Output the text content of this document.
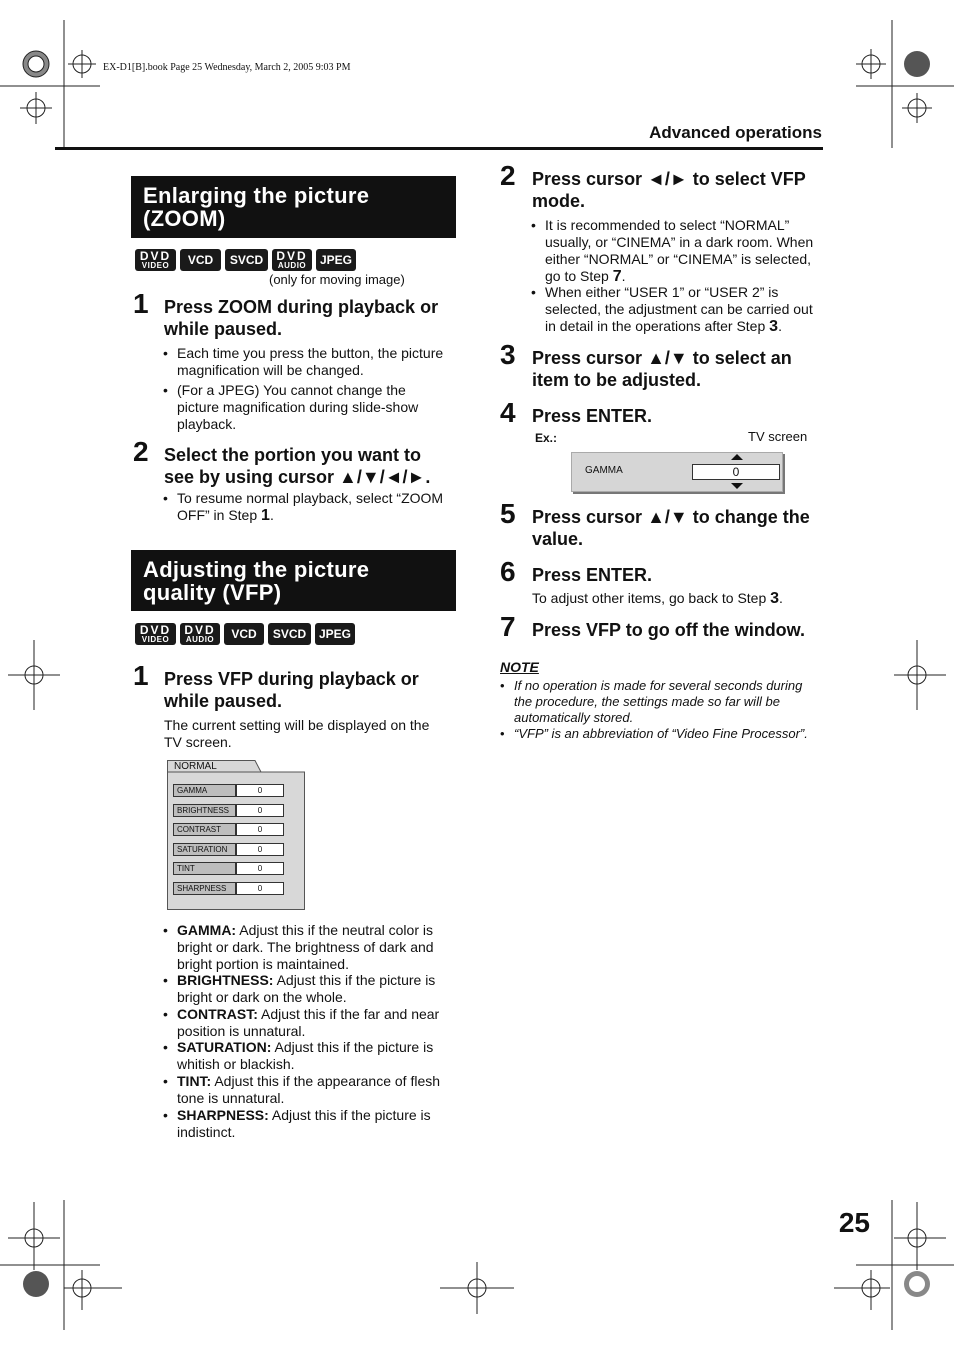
EX-D1[B].book Page 25 Wednesday, March 2, 2005 9:03 PM
Advanced operations
Enlarging the picture
(ZOOM)
DVD
VIDEO	VCD	SVCD	DVD
AUDIO	JPEG
(only for moving image)
1 Press ZOOM during playback or
while paused.
• Each time you press the button, the picture
magnification will be changed.
• (For a JPEG) You cannot change the
picture magnification during slide-show
playback.
2 Select the portion you want to
see by using cursor ▲/▼/◄/►.
• To resume normal playback, select “ZOOM
OFF” in Step 1.
Adjusting the picture
quality (VFP)
DVD
VIDEO
DVD
AUDIO	VCD	SVCD	JPEG
1 Press VFP during playback or
while paused.
The current setting will be displayed on the
TV screen.
NORMAL
GAMMA	0
BRIGHTNESS	0
CONTRAST	0
SATURATION	0
TINT	0
SHARPNESS	0
• GAMMA: Adjust this if the neutral color is
bright or dark. The brightness of dark and
bright portion is maintained.
• BRIGHTNESS: Adjust this if the picture is
bright or dark on the whole.
• CONTRAST: Adjust this if the far and near
position is unnatural.
• SATURATION: Adjust this if the picture is
whitish or blackish.
• TINT: Adjust this if the appearance of flesh
tone is unnatural.
• SHARPNESS: Adjust this if the picture is
indistinct.
2 Press cursor ◄/► to select VFP
mode.
• It is recommended to select “NORMAL”
usually, or “CINEMA” in a dark room. When
either “NORMAL” or “CINEMA” is selected,
go to Step 7.
• When either “USER 1” or “USER 2” is
selected, the adjustment can be carried out
in detail in the operations after Step 3.
3 Press cursor ▲/▼ to select an
item to be adjusted.
4 Press ENTER.
Ex.:	TV screen
GAMMA	0
5 Press cursor ▲/▼ to change the
value.
6 Press ENTER.
To adjust other items, go back to Step 3.
7 Press VFP to go off the window.
NOTE
• If no operation is made for several seconds during
the procedure, the settings made so far will be
automatically stored.
• “VFP” is an abbreviation of “Video Fine Processor”.
25
